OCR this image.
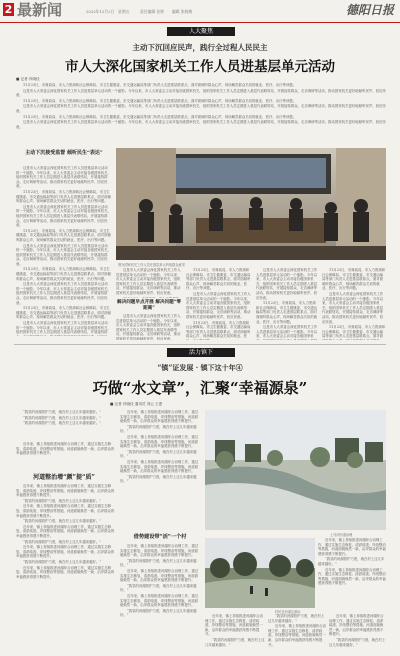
2 最新闻	2022年12月2日 星期五	责任编辑 张婷 编辑 张晓梅	德阳日报
人大聚焦
主动下沉回应民声，践行全过程人民民主
市人大深化国家机关工作人员进基层单元活动
■ 记者 肖晓佳

11月23日，市财政局、市人力资源和社会保障局、市卫生健康委、市交通运输局等部门负责人走进基层联系点，面对面倾听群众心声，现场解答群众关切的就业、医疗、出行等问题。

这是市人大常委会深化国家机关工作人员进基层单元活动的一个缩影。今年以来，市人大常委会主动对接各级国家机关，组织国家机关工作人员定期进入基层代表联络站，开展接待群众、走访调研等活动，推动国家机关更好地倾听民声、回应民意。

11月23日，市财政局、市人力资源和社会保障局、市卫生健康委、市交通运输局等部门负责人走进基层联系点，面对面倾听群众心声，现场解答群众关切的就业、医疗、出行等问题。

这是市人大常委会深化国家机关工作人员进基层单元活动的一个缩影。今年以来，市人大常委会主动对接各级国家机关，组织国家机关工作人员定期进入基层代表联络站，开展接待群众、走访调研等活动，推动国家机关更好地倾听民声、回应民意。

11月23日，市财政局、市人力资源和社会保障局、市卫生健康委、市交通运输局等部门负责人走进基层联系点，面对面倾听群众心声，现场解答群众关切的就业、医疗、出行等问题。

这是市人大常委会深化国家机关工作人员进基层单元活动的一个缩影。今年以来，市人大常委会主动对接各级国家机关，组织国家机关工作人员定期进入基层代表联络站，开展接待群众、走访调研等活动，推动国家机关更好地倾听民声、回应民意。

主动下沉接受监督 倾听民生“表达”

这是市人大常委会深化国家机关工作人员进基层单元活动的一个缩影。今年以来，市人大常委会主动对接各级国家机关，组织国家机关工作人员定期进入基层代表联络站，开展接待群众、走访调研等活动，推动国家机关更好地倾听民声、回应民意。

11月23日，市财政局、市人力资源和社会保障局、市卫生健康委、市交通运输局等部门负责人走进基层联系点，面对面倾听群众心声，现场解答群众关切的就业、医疗、出行等问题。

这是市人大常委会深化国家机关工作人员进基层单元活动的一个缩影。今年以来，市人大常委会主动对接各级国家机关，组织国家机关工作人员定期进入基层代表联络站，开展接待群众、走访调研等活动，推动国家机关更好地倾听民声、回应民意。

11月23日，市财政局、市人力资源和社会保障局、市卫生健康委、市交通运输局等部门负责人走进基层联系点，面对面倾听群众心声，现场解答群众关切的就业、医疗、出行等问题。

这是市人大常委会深化国家机关工作人员进基层单元活动的一个缩影。今年以来，市人大常委会主动对接各级国家机关，组织国家机关工作人员定期进入基层代表联络站，开展接待群众、走访调研等活动，推动国家机关更好地倾听民声、回应民意。

11月23日，市财政局、市人力资源和社会保障局、市卫生健康委、市交通运输局等部门负责人走进基层联系点，面对面倾听群众心声，现场解答群众关切的就业、医疗、出行等问题。

这是市人大常委会深化国家机关工作人员进基层单元活动的一个缩影。今年以来，市人大常委会主动对接各级国家机关，组织国家机关工作人员定期进入基层代表联络站，开展接待群众、走访调研等活动，推动国家机关更好地倾听民声、回应民意。

11月23日，市财政局、市人力资源和社会保障局、市卫生健康委、市交通运输局等部门负责人走进基层联系点，面对面倾听群众心声，现场解答群众关切的就业、医疗、出行等问题。

这是市人大常委会深化国家机关工作人员进基层单元活动的一个缩影。今年以来，市人大常委会主动对接各级国家机关，组织国家机关工作人员定期进入基层代表联络站，开展接待群

图为国家机关工作人员在基层单元听取群众意见

这是市人大常委会深化国家机关工作人员进基层单元活动的一个缩影。今年以来，市人大常委会主动对接各级国家机关，组织国家机关工作人员定期进入基层代表联络站，开展接待群众、走访调研等活动，推动国家机关更好地倾听民声、回应民意。

解决问题早点开展 解决问题“零距离”

这是市人大常委会深化国家机关工作人员进基层单元活动的一个缩影。今年以来，市人大常委会主动对接各级国家机关，组织国家机关工作人员定期进入基层代表联络站，开展接待群众、走访调研等活动，推动国家机关更好地倾听民声、回应民意。

11月23日，市财政局、市人力资源和社会保障局、市卫生健康委、市交通运输局等部门负责人走进基层联系点，面对面倾听群众心声，现场解答群众关切的就业、医疗、出行等问题。

这是市人大常委会深化国家机关工作人员进基层单元活动的一个缩影。今年以来，市人大常委会主动对接各级国家机关，组织国家机关工作人员定期进入基层代表联络站，开展接待群众、走访调研等活动，推动国家机关更好地倾听民声、回应民意。

11月23日，市财政局、市人力资源和社会保障局、市卫生健康委、市交通运输局等部门负责人走进基层联系点，面对面倾听群众心声，现场解答群众关切的就业、医

这是市人大常委会深化国家机关工作人员进基层单元活动的一个缩影。今年以来，市人大常委会主动对接各级国家机关，组织国家机关工作人员定期进入基层代表联络站，开展接待群众、走访调研等活动，推动国家机关更好地倾听民声、回应民意。

11月23日，市财政局、市人力资源和社会保障局、市卫生健康委、市交通运输局等部门负责人走进基层联系点，面对面倾听群众心声，现场解答群众关切的就业、医疗、出行等问题。

这是市人大常委会深化国家机关工作人员进基层单元活动的一个缩影。今年以来，市人大常委会主动对接各级国家机

11月23日，市财政局、市人力资源和社会保障局、市卫生健康委、市交通运输局等部门负责人走进基层联系点，面对面倾听群众心声，现场解答群众关切的就业、医疗、出行等问题。

这是市人大常委会深化国家机关工作人员进基层单元活动的一个缩影。今年以来，市人大常委会主动对接各级国家机关，组织国家机关工作人员定期进入基层代表联络站，开展接待群众、走访调研等活动，推动国家机关更好地倾听民声、回应民意。

11月23日，市财政局、市人力资源和社会保障局、市卫生健康委、市交通运输局等部门负责人走进基层联系点，面对面

活力镇下
“镇”证发展 · 镇下这十年④
巧做“水文章”，汇聚“幸福源泉”
■ 记者 肖晓佳 通讯员 刘云 王建

“我县的河湖管护力度，就在村上这几年越来越好。”

“我县的河湖管护力度，就在村上这几年越来越好。”

“我县的河湖管护力度，就在村上这几年越来越好。”

近年来，镇上持续推进河湖综合治理工作，通过实施生态修复、清淤疏浚、岸线整治等措施，河道面貌焕然一新，沿岸群众的幸福感获得感不断提升。

河道整治增“颜”提“质”

近年来，镇上持续推进河湖综合治理工作，通过实施生态修复、清淤疏浚、岸线整治等措施，河道面貌焕然一新，沿岸群众的幸福感获得感不断提升。

“我县的河湖管护力度，就在村上这几年越来越好。”

近年来，镇上持续推进河湖综合治理工作，通过实施生态修复、清淤疏浚、岸线整治等措施，河道面貌焕然一新，沿岸群众的幸福感获得感不断提升。

“我县的河湖管护力度，就在村上这几年越来越好。”

近年来，镇上持续推进河湖综合治理工作，通过实施生态修复、清淤疏浚、岸线整治等措施，河道面貌焕然一新，沿岸群众的幸福感获得感不断提升。

“我县的河湖管护力度，就在村上这几年越来越好。”

近年来，镇上持续推进河湖综合治理工作，通过实施生态修复、清淤疏浚、岸线整治等措施，河道面貌焕然一新，沿岸群众的幸福感获得感不断提升。

“我县的河湖管护力度，就在村上这几年越来越好。”

近年来，镇上持续推进河湖综合治理工作，通过实施生态修复、清淤疏浚、岸线整治等措施，河道面貌焕然一新，沿岸群众的幸福感获得感不断提升。

近年来，镇上持续推进河湖综合治理工作，通过实施生态修复、清淤疏浚、岸线整治等措施，河道面貌焕然一新，沿岸群众的幸福感获得感不断提升。

“我县的河湖管护力度，就在村上这几年越来越好。”

近年来，镇上持续推进河湖综合治理工作，通过实施生态修复、清淤疏浚、岸线整治等措施，河道面貌焕然一新，沿岸群众的幸福感获得感不断提升。

“我县的河湖管护力度，就在村上这几年越来越好。”

近年来，镇上持续推进河湖综合治理工作，通过实施生态修复、清淤疏浚、岸线整治等措施，河道面貌焕然一新，沿岸群众的幸福感获得感不断提升。

“我县的河湖管护力度，就在村上这几年越来越好。”

借势建设带“活”一个村

近年来，镇上持续推进河湖综合治理工作，通过实施生态修复、清淤疏浚、岸线整治等措施，河道面貌焕然一新，沿岸群众的幸福感获得感不断提升。

“我县的河湖管护力度，就在村上这几年越来越好。”

近年来，镇上持续推进河湖综合治理工作，通过实施生态修复、清淤疏浚、岸线整治等措施，河道面貌焕然一新，沿岸群众的幸福感获得感不断提升。

“我县的河湖管护力度，就在村上这几年越来越好。”

近年来，镇上持续推进河湖综合治理工作，通过实施生态修复、清淤疏浚、岸线整治等措施，河道面貌焕然一新，沿岸群众的幸福感获得感不断提升。

“我县的河湖管护力度，就在村上这几年越来越好。”

上马河河道治理
村民在河道边游玩

近年来，镇上持续推进河湖综合治理工作，通过实施生态修复、清淤疏浚、岸线整治等措施，河道面貌焕然一新，沿岸群众的幸福感获得感不断提升。

“我县的河湖管护力度，就在村上这几年越来越好。”

近年来，镇上持续推进河湖综合治理工作，通过实施生态修复、清淤疏浚、岸线整治等措施，河道面貌焕然一新，沿岸群众的幸福感获得感不断提升。

近年来，镇上持续推进河湖综合治理工作，通过实施生态修复、清淤疏浚、岸线整治等措施，河道面貌焕然一新，沿岸群众的幸福感获得感不断提升。

“我县的河湖管护力度，就在村上这几年越来越好。”

“我县的河湖管护力度，就在村上这几年越来越好。”

近年来，镇上持续推进河湖综合治理工作，通过实施生态修复、清淤疏浚、岸线整治等措施，河道面貌焕然一新，沿岸群众的幸福感获得感不断提升。

近年来，镇上持续推进河湖综合治理工作，通过实施生态修复、清淤疏浚、岸线整治等措施，河道面貌焕然一新，沿岸群众的幸福感获得感不断提升。

“我县的河湖管护力度，就在村上这几年越来越好。”
